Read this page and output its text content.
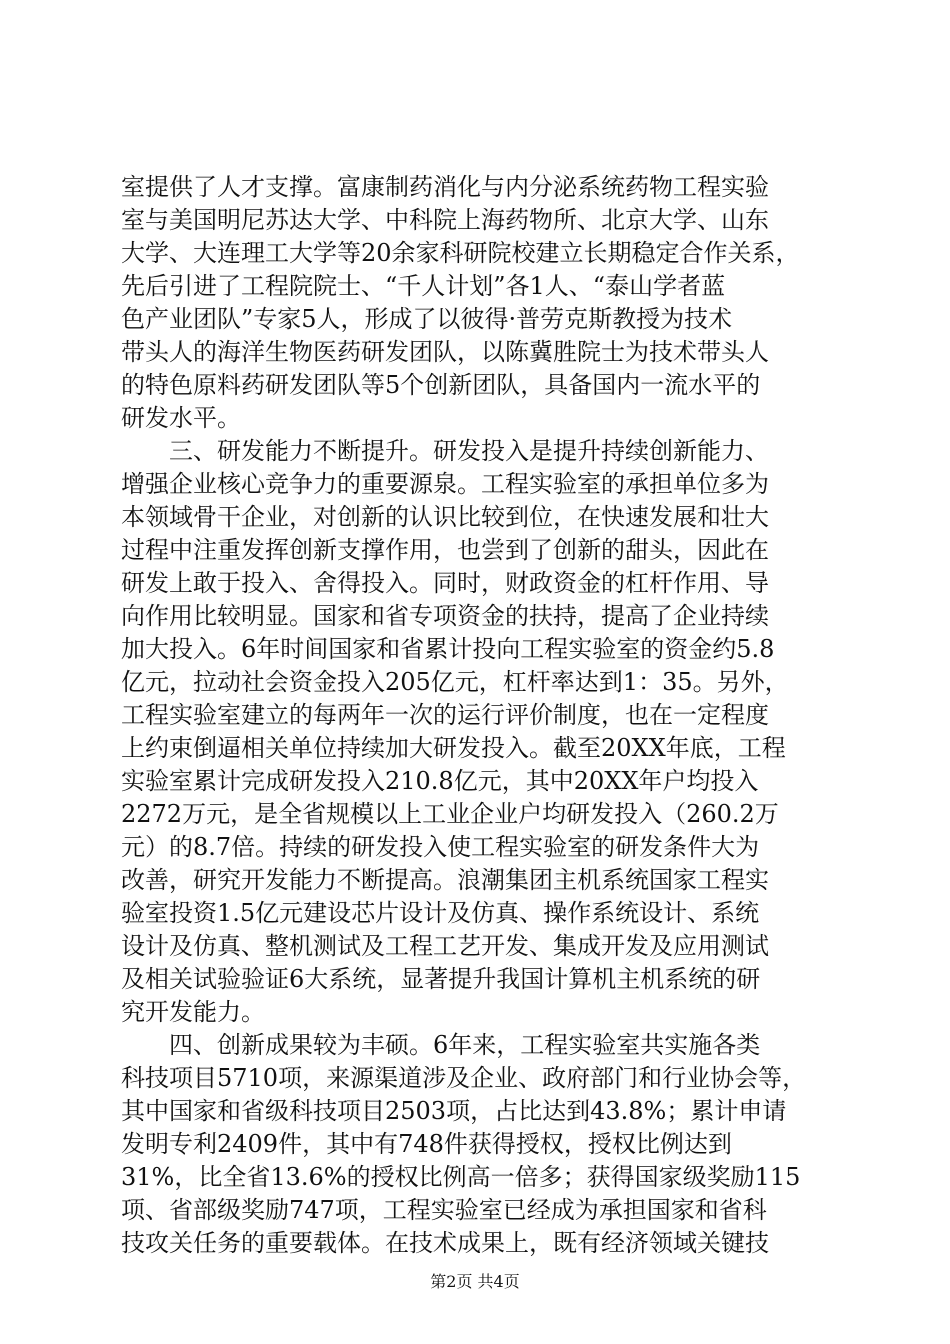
室提供了人才支撑。富康制药消化与内分泌系统药物工程实验
室与美国明尼苏达大学、中科院上海药物所、北京大学、山东
大学、大连理工大学等20余家科研院校建立长期稳定合作关系，
先后引进了工程院院士、“千人计划”各1人、“泰山学者蓝
色产业团队”专家5人，形成了以彼得·普劳克斯教授为技术
带头人的海洋生物医药研发团队，以陈冀胜院士为技术带头人
的特色原料药研发团队等5个创新团队，具备国内一流水平的
研发水平。
　　三、研发能力不断提升。研发投入是提升持续创新能力、
增强企业核心竞争力的重要源泉。工程实验室的承担单位多为
本领域骨干企业，对创新的认识比较到位，在快速发展和壮大
过程中注重发挥创新支撑作用，也尝到了创新的甜头，因此在
研发上敢于投入、舍得投入。同时，财政资金的杠杆作用、导
向作用比较明显。国家和省专项资金的扶持，提高了企业持续
加大投入。6年时间国家和省累计投向工程实验室的资金约5.8
亿元，拉动社会资金投入205亿元，杠杆率达到1：35。另外，
工程实验室建立的每两年一次的运行评价制度，也在一定程度
上约束倒逼相关单位持续加大研发投入。截至20XX年底，工程
实验室累计完成研发投入210.8亿元，其中20XX年户均投入
2272万元，是全省规模以上工业企业户均研发投入（260.2万
元）的8.7倍。持续的研发投入使工程实验室的研发条件大为
改善，研究开发能力不断提高。浪潮集团主机系统国家工程实
验室投资1.5亿元建设芯片设计及仿真、操作系统设计、系统
设计及仿真、整机测试及工程工艺开发、集成开发及应用测试
及相关试验验证6大系统，显著提升我国计算机主机系统的研
究开发能力。
　　四、创新成果较为丰硕。6年来，工程实验室共实施各类
科技项目5710项，来源渠道涉及企业、政府部门和行业协会等，
其中国家和省级科技项目2503项，占比达到43.8%；累计申请
发明专利2409件，其中有748件获得授权，授权比例达到
31%，比全省13.6%的授权比例高一倍多；获得国家级奖励115
项、省部级奖励747项，工程实验室已经成为承担国家和省科
技攻关任务的重要载体。在技术成果上，既有经济领域关键技
第2页 共4页
